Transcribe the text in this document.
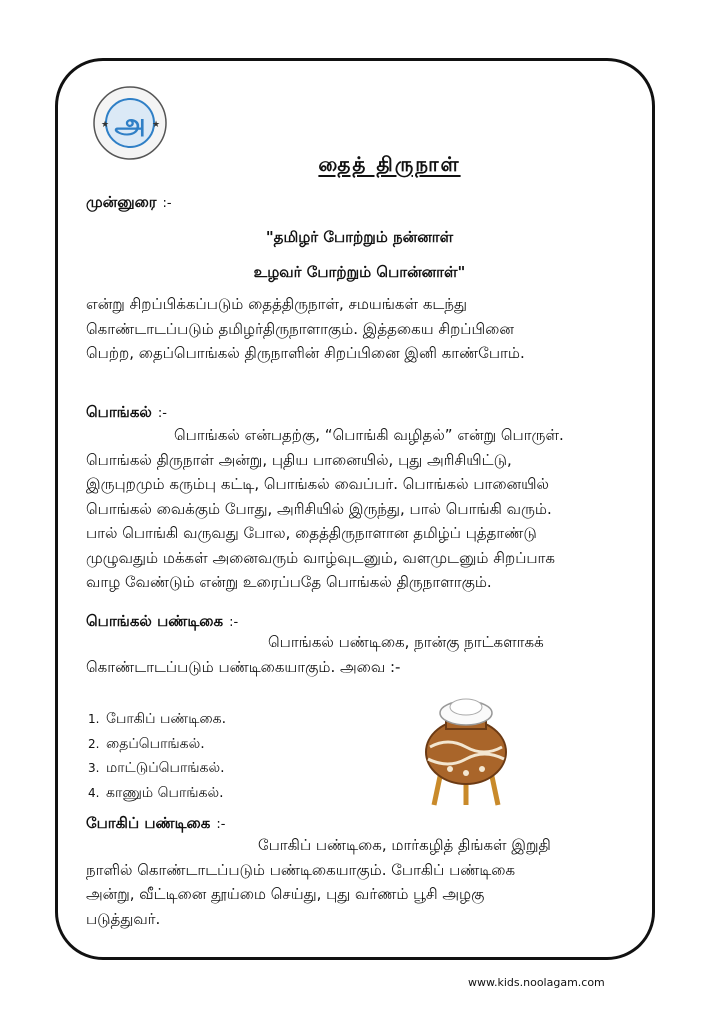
அ
★	★
தைத் திருநாள்
முன்னுரை :-
"தமிழர் போற்றும் நன்னாள்
உழவர் போற்றும் பொன்னாள்"

என்று சிறப்பிக்கப்படும் தைத்திருநாள், சமயங்கள் கடந்து

கொண்டாடப்படும் தமிழர்திருநாளாகும். இத்தகைய சிறப்பினை

பெற்ற, தைப்பொங்கல் திருநாளின் சிறப்பினை இனி காண்போம்.

பொங்கல் :-

பொங்கல் என்பதற்கு, “பொங்கி வழிதல்” என்று பொருள்.

பொங்கல் திருநாள் அன்று, புதிய பானையில், புது அரிசியிட்டு,

இருபுறமும் கரும்பு கட்டி, பொங்கல் வைப்பர். பொங்கல் பானையில்

பொங்கல் வைக்கும் போது, அரிசியில் இருந்து, பால் பொங்கி வரும்.

பால் பொங்கி வருவது போல, தைத்திருநாளான தமிழ்ப் புத்தாண்டு

முழுவதும் மக்கள் அனைவரும் வாழ்வுடனும், வளமுடனும் சிறப்பாக

வாழ வேண்டும் என்று உரைப்பதே பொங்கல் திருநாளாகும்.

பொங்கல் பண்டிகை :-

பொங்கல் பண்டிகை, நான்கு நாட்களாகக்

கொண்டாடப்படும் பண்டிகையாகும். அவை :-

1. போகிப் பண்டிகை.
2. தைப்பொங்கல்.
3. மாட்டுப்பொங்கல்.
4. காணும் பொங்கல்.
போகிப் பண்டிகை :-

போகிப் பண்டிகை, மார்கழித் திங்கள் இறுதி

நாளில் கொண்டாடப்படும் பண்டிகையாகும். போகிப் பண்டிகை

அன்று, வீட்டினை தூய்மை செய்து, புது வர்ணம் பூசி அழகு

படுத்துவர்.

www.kids.noolagam.com
